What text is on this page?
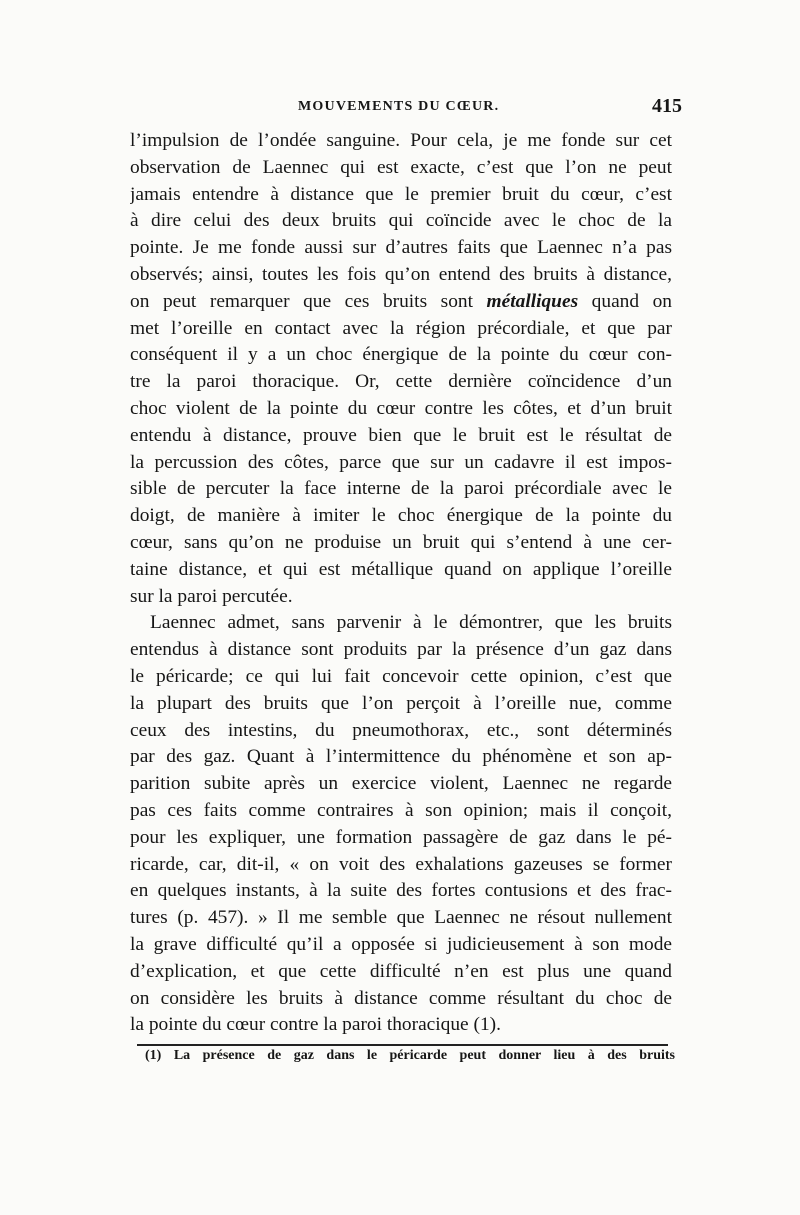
MOUVEMENTS DU CŒUR.	415
l’impulsion de l’ondée sanguine. Pour cela, je me fonde sur cet
observation de Laennec qui est exacte, c’est que l’on ne peut
jamais entendre à distance que le premier bruit du cœur, c’est
à dire celui des deux bruits qui coïncide avec le choc de la
pointe. Je me fonde aussi sur d’autres faits que Laennec n’a pas
observés; ainsi, toutes les fois qu’on entend des bruits à distance,
on peut remarquer que ces bruits sont métalliques quand on
met l’oreille en contact avec la région précordiale, et que par
conséquent il y a un choc énergique de la pointe du cœur con-
tre la paroi thoracique. Or, cette dernière coïncidence d’un
choc violent de la pointe du cœur contre les côtes, et d’un bruit
entendu à distance, prouve bien que le bruit est le résultat de
la percussion des côtes, parce que sur un cadavre il est impos-
sible de percuter la face interne de la paroi précordiale avec le
doigt, de manière à imiter le choc énergique de la pointe du
cœur, sans qu’on ne produise un bruit qui s’entend à une cer-
taine distance, et qui est métallique quand on applique l’oreille
sur la paroi percutée.
Laennec admet, sans parvenir à le démontrer, que les bruits
entendus à distance sont produits par la présence d’un gaz dans
le péricarde; ce qui lui fait concevoir cette opinion, c’est que
la plupart des bruits que l’on perçoit à l’oreille nue, comme
ceux des intestins, du pneumothorax, etc., sont déterminés
par des gaz. Quant à l’intermittence du phénomène et son ap-
parition subite après un exercice violent, Laennec ne regarde
pas ces faits comme contraires à son opinion; mais il conçoit,
pour les expliquer, une formation passagère de gaz dans le pé-
ricarde, car, dit-il, « on voit des exhalations gazeuses se former
en quelques instants, à la suite des fortes contusions et des frac-
tures (p. 457). » Il me semble que Laennec ne résout nullement
la grave difficulté qu’il a opposée si judicieusement à son mode
d’explication, et que cette difficulté n’en est plus une quand
on considère les bruits à distance comme résultant du choc de
la pointe du cœur contre la paroi thoracique (1).
(1) La présence de gaz dans le péricarde peut donner lieu à des bruits
